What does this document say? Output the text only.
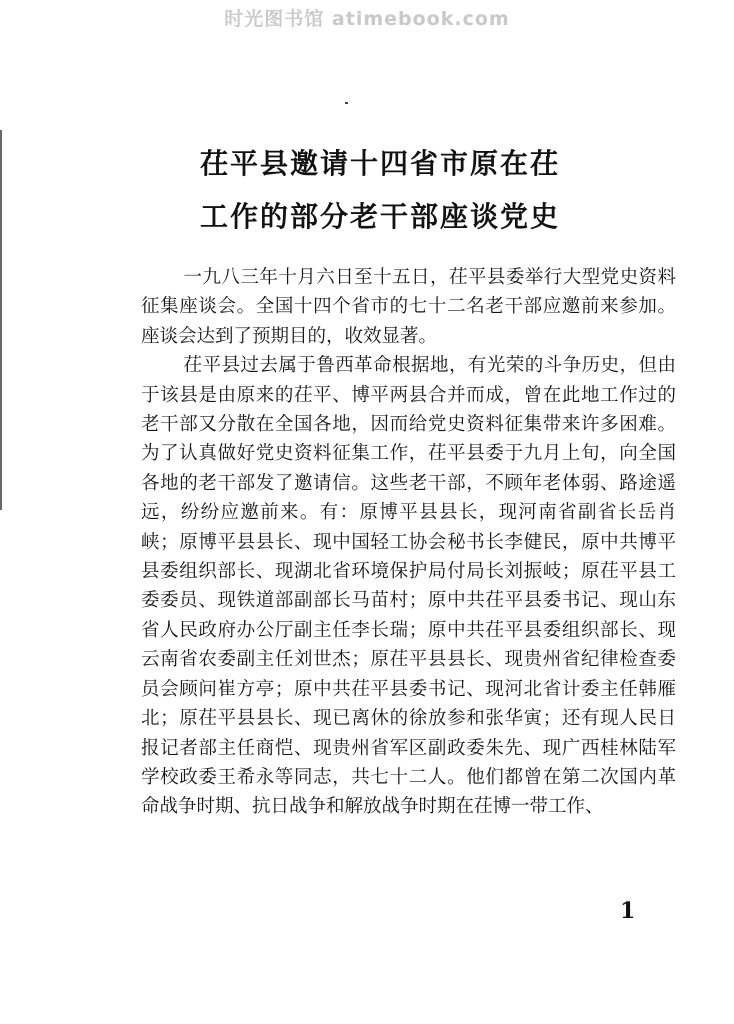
时光图书馆 atimebook.com
茌平县邀请十四省市原在茌
工作的部分老干部座谈党史

一九八三年十月六日至十五日，茌平县委举行大型党史资料征集座谈会。全国十四个省市的七十二名老干部应邀前来参加。座谈会达到了预期目的，收效显著。

茌平县过去属于鲁西革命根据地，有光荣的斗争历史，但由于该县是由原来的茌平、博平两县合并而成，曾在此地工作过的老干部又分散在全国各地，因而给党史资料征集带来许多困难。为了认真做好党史资料征集工作，茌平县委于九月上旬，向全国各地的老干部发了邀请信。这些老干部，不顾年老体弱、路途遥远，纷纷应邀前来。有：原博平县县长，现河南省副省长岳肖峡；原博平县县长、现中国轻工协会秘书长李健民，原中共博平县委组织部长、现湖北省环境保护局付局长刘振岐；原茌平县工委委员、现铁道部副部长马苗村；原中共茌平县委书记、现山东省人民政府办公厅副主任李长瑞；原中共茌平县委组织部长、现云南省农委副主任刘世杰；原茌平县县长、现贵州省纪律检查委员会顾问崔方亭；原中共茌平县委书记、现河北省计委主任韩雁北；原茌平县县长、现已离休的徐放参和张华寅；还有现人民日报记者部主任商恺、现贵州省军区副政委朱先、现广西桂林陆军学校政委王希永等同志，共七十二人。他们都曾在第二次国内革命战争时期、抗日战争和解放战争时期在茌博一带工作、

1
